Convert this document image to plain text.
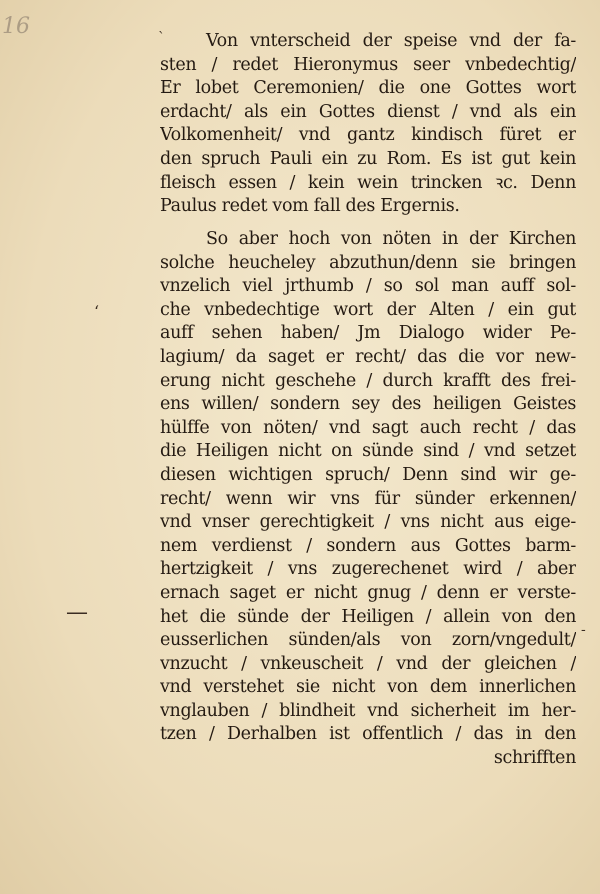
16	ˋ
‘
—
-
Von vnterscheid der speise vnd der fa-
sten / redet Hieronymus seer vnbedechtig/
Er lobet Ceremonien/ die one Gottes wort
erdacht/ als ein Gottes dienst / vnd als ein
Volkomenheit/ vnd gantz kindisch füret er
den spruch Pauli ein zu Rom. Es ist gut kein
fleisch essen / kein wein trincken ꝛc. Denn
Paulus redet vom fall des Ergernis.
So aber hoch von nöten in der Kirchen
solche heucheley abzuthun/denn sie bringen
vnzelich viel jrthumb / so sol man auff sol-
che vnbedechtige wort der Alten / ein gut
auff sehen haben/ Jm Dialogo wider Pe-
lagium/ da saget er recht/ das die vor new-
erung nicht geschehe / durch krafft des frei-
ens willen/ sondern sey des heiligen Geistes
hülffe von nöten/ vnd sagt auch recht / das
die Heiligen nicht on sünde sind / vnd setzet
diesen wichtigen spruch/ Denn sind wir ge-
recht/ wenn wir vns für sünder erkennen/
vnd vnser gerechtigkeit / vns nicht aus eige-
nem verdienst / sondern aus Gottes barm-
hertzigkeit / vns zugerechenet wird / aber
ernach saget er nicht gnug / denn er verste-
het die sünde der Heiligen / allein von den
eusserlichen sünden/als von zorn/vngedult/
vnzucht / vnkeuscheit / vnd der gleichen /
vnd verstehet sie nicht von dem innerlichen
vnglauben / blindheit vnd sicherheit im her-
tzen / Derhalben ist offentlich / das in den
schrifften
